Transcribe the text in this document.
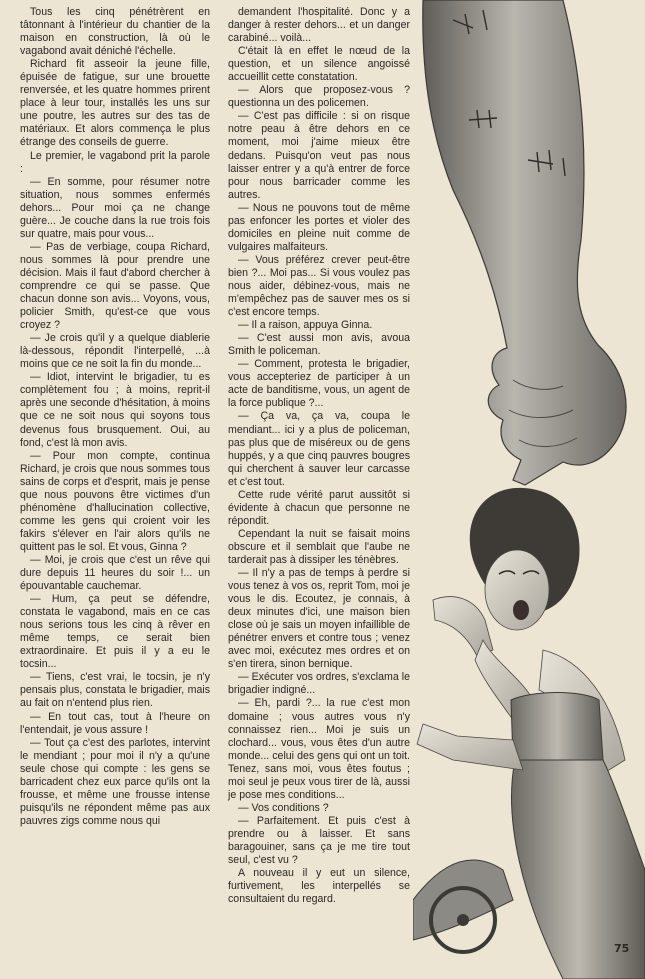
Tous les cinq pénétrèrent en tâtonnant à l'intérieur du chantier de la maison en construction, là où le vagabond avait déniché l'échelle.

Richard fit asseoir la jeune fille, épuisée de fatigue, sur une brouette renversée, et les quatre hommes prirent place à leur tour, installés les uns sur une poutre, les autres sur des tas de matériaux. Et alors commença le plus étrange des conseils de guerre.

Le premier, le vagabond prit la parole :

— En somme, pour résumer notre situation, nous sommes enfermés dehors... Pour moi ça ne change guère... Je couche dans la rue trois fois sur quatre, mais pour vous...

— Pas de verbiage, coupa Richard, nous sommes là pour prendre une décision. Mais il faut d'abord chercher à comprendre ce qui se passe. Que chacun donne son avis... Voyons, vous, policier Smith, qu'est-ce que vous croyez ?

— Je crois qu'il y a quelque diablerie là-dessous, répondit l'interpellé, ...à moins que ce ne soit la fin du monde...

— Idiot, intervint le brigadier, tu es complètement fou ; à moins, reprit-il après une seconde d'hésitation, à moins que ce ne soit nous qui soyons tous devenus fous brusquement. Oui, au fond, c'est là mon avis.

— Pour mon compte, continua Richard, je crois que nous sommes tous sains de corps et d'esprit, mais je pense que nous pouvons être victimes d'un phénomène d'hallucination collective, comme les gens qui croient voir les fakirs s'élever en l'air alors qu'ils ne quittent pas le sol. Et vous, Ginna ?

— Moi, je crois que c'est un rêve qui dure depuis 11 heures du soir !... un épouvantable cauchemar.

— Hum, ça peut se défendre, constata le vagabond, mais en ce cas nous serions tous les cinq à rêver en même temps, ce serait bien extraordinaire. Et puis il y a eu le tocsin...

— Tiens, c'est vrai, le tocsin, je n'y pensais plus, constata le brigadier, mais au fait on n'entend plus rien.

— En tout cas, tout à l'heure on l'entendait, je vous assure !

— Tout ça c'est des parlotes, intervint le mendiant ; pour moi il n'y a qu'une seule chose qui compte : les gens se barricadent chez eux parce qu'ils ont la frousse, et même une frousse intense puisqu'ils ne répondent même pas aux pauvres zigs comme nous qui

demandent l'hospitalité. Donc y a danger à rester dehors... et un danger carabiné... voilà...

C'était là en effet le nœud de la question, et un silence angoissé accueillit cette constatation.

— Alors que proposez-vous ? questionna un des policemen.

— C'est pas difficile : si on risque notre peau à être dehors en ce moment, moi j'aime mieux être dedans. Puisqu'on veut pas nous laisser entrer y a qu'à entrer de force pour nous barricader comme les autres.

— Nous ne pouvons tout de même pas enfoncer les portes et violer des domiciles en pleine nuit comme de vulgaires malfaiteurs.

— Vous préférez crever peut-être bien ?... Moi pas... Si vous voulez pas nous aider, débinez-vous, mais ne m'empêchez pas de sauver mes os si c'est encore temps.

— Il a raison, appuya Ginna.

— C'est aussi mon avis, avoua Smith le policeman.

— Comment, protesta le brigadier, vous accepteriez de participer à un acte de banditisme, vous, un agent de la force publique ?...

— Ça va, ça va, coupa le mendiant... ici y a plus de policeman, pas plus que de miséreux ou de gens huppés, y a que cinq pauvres bougres qui cherchent à sauver leur carcasse et c'est tout.

Cette rude vérité parut aussitôt si évidente à chacun que personne ne répondit.

Cependant la nuit se faisait moins obscure et il semblait que l'aube ne tarderait pas à dissiper les ténèbres.

— Il n'y a pas de temps à perdre si vous tenez à vos os, reprit Tom, moi je vous le dis. Ecoutez, je connais, à deux minutes d'ici, une maison bien close où je sais un moyen infaillible de pénétrer envers et contre tous ; venez avec moi, exécutez mes ordres et on s'en tirera, sinon bernique.

— Exécuter vos ordres, s'exclama le brigadier indigné...

— Eh, pardi ?... la rue c'est mon domaine ; vous autres vous n'y connaissez rien... Moi je suis un clochard... vous, vous êtes d'un autre monde... celui des gens qui ont un toit. Tenez, sans moi, vous êtes foutus ; moi seul je peux vous tirer de là, aussi je pose mes conditions...

— Vos conditions ?

— Parfaitement. Et puis c'est à prendre ou à laisser. Et sans baragouiner, sans ça je me tire tout seul, c'est vu ?

A nouveau il y eut un silence, furtivement, les interpellés se consultaient du regard.

75
